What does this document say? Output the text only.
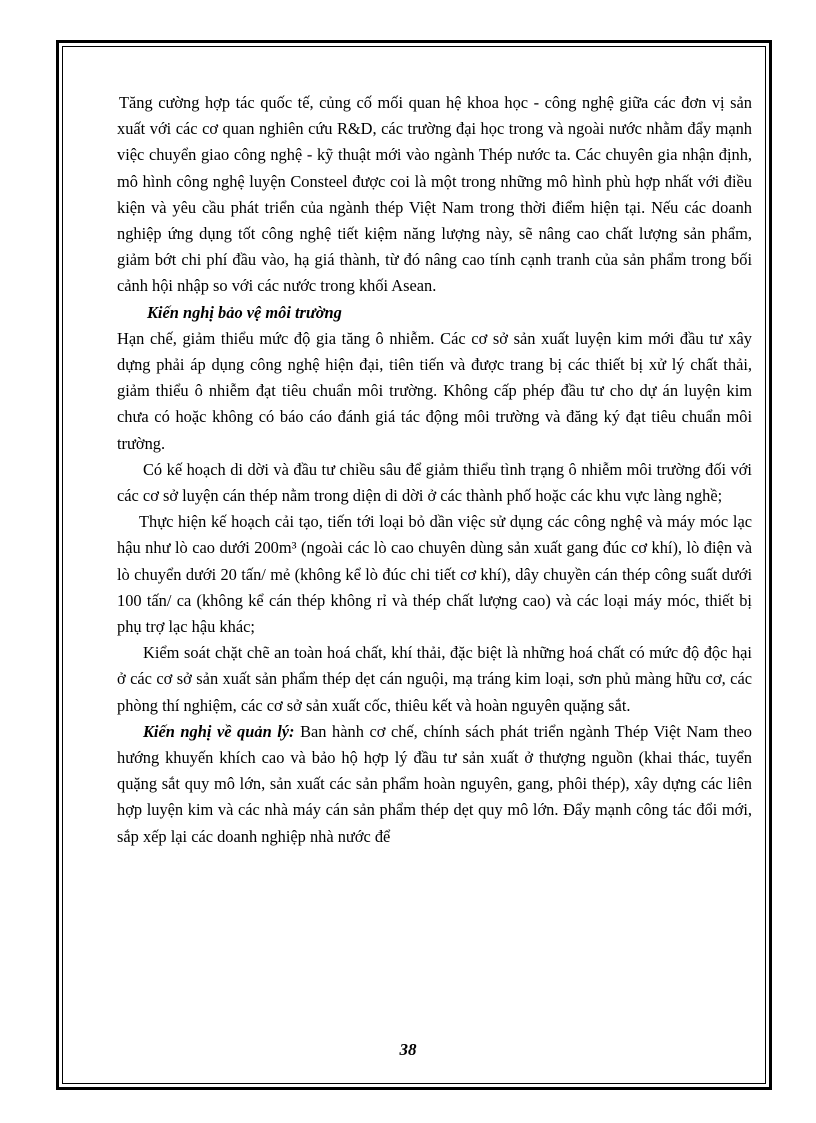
Tăng cường hợp tác quốc tế, củng cố mối quan hệ khoa học - công nghệ giữa các đơn vị sản xuất với các cơ quan nghiên cứu R&D, các trường đại học trong và ngoài nước nhằm đẩy mạnh việc chuyển giao công nghệ - kỹ thuật mới vào ngành Thép nước ta. Các chuyên gia nhận định, mô hình công nghệ luyện Consteel được coi là một trong những mô hình phù hợp nhất với điều kiện và yêu cầu phát triển của ngành thép Việt Nam trong thời điểm hiện tại. Nếu các doanh nghiệp ứng dụng tốt công nghệ tiết kiệm năng lượng này, sẽ nâng cao chất lượng sản phẩm, giảm bớt chi phí đầu vào, hạ giá thành, từ đó nâng cao tính cạnh tranh của sản phẩm trong bối cảnh hội nhập so với các nước trong khối Asean.

Kiến nghị bảo vệ môi trường

Hạn chế, giảm thiểu mức độ gia tăng ô nhiễm. Các cơ sở sản xuất luyện kim mới đầu tư xây dựng phải áp dụng công nghệ hiện đại, tiên tiến và được trang bị các thiết bị xử lý chất thải, giảm thiểu ô nhiễm đạt tiêu chuẩn môi trường. Không cấp phép đầu tư cho dự án luyện kim chưa có hoặc không có báo cáo đánh giá tác động môi trường và đăng ký đạt tiêu chuẩn môi trường.

Có kế hoạch di dời và đầu tư chiều sâu để giảm thiểu tình trạng ô nhiễm môi trường đối với các cơ sở luyện cán thép nằm trong diện di dời ở các thành phố hoặc các khu vực làng nghề;

Thực hiện kế hoạch cải tạo, tiến tới loại bỏ dần việc sử dụng các công nghệ và máy móc lạc hậu như lò cao dưới 200m³ (ngoài các lò cao chuyên dùng sản xuất gang đúc cơ khí), lò điện và lò chuyển dưới 20 tấn/ mẻ (không kể lò đúc chi tiết cơ khí), dây chuyền cán thép công suất dưới 100 tấn/ ca (không kể cán thép không rỉ và thép chất lượng cao) và các loại máy móc, thiết bị phụ trợ lạc hậu khác;

Kiểm soát chặt chẽ an toàn hoá chất, khí thải, đặc biệt là những hoá chất có mức độ độc hại ở các cơ sở sản xuất sản phẩm thép dẹt cán nguội, mạ tráng kim loại, sơn phủ màng hữu cơ, các phòng thí nghiệm, các cơ sở sản xuất cốc, thiêu kết và hoàn nguyên quặng sắt.

Kiến nghị về quản lý: Ban hành cơ chế, chính sách phát triển ngành Thép Việt Nam theo hướng khuyến khích cao và bảo hộ hợp lý đầu tư sản xuất ở thượng nguồn (khai thác, tuyển quặng sắt quy mô lớn, sản xuất các sản phẩm hoàn nguyên, gang, phôi thép), xây dựng các liên hợp luyện kim và các nhà máy cán sản phẩm thép dẹt quy mô lớn. Đẩy mạnh công tác đổi mới, sắp xếp lại các doanh nghiệp nhà nước để

38
